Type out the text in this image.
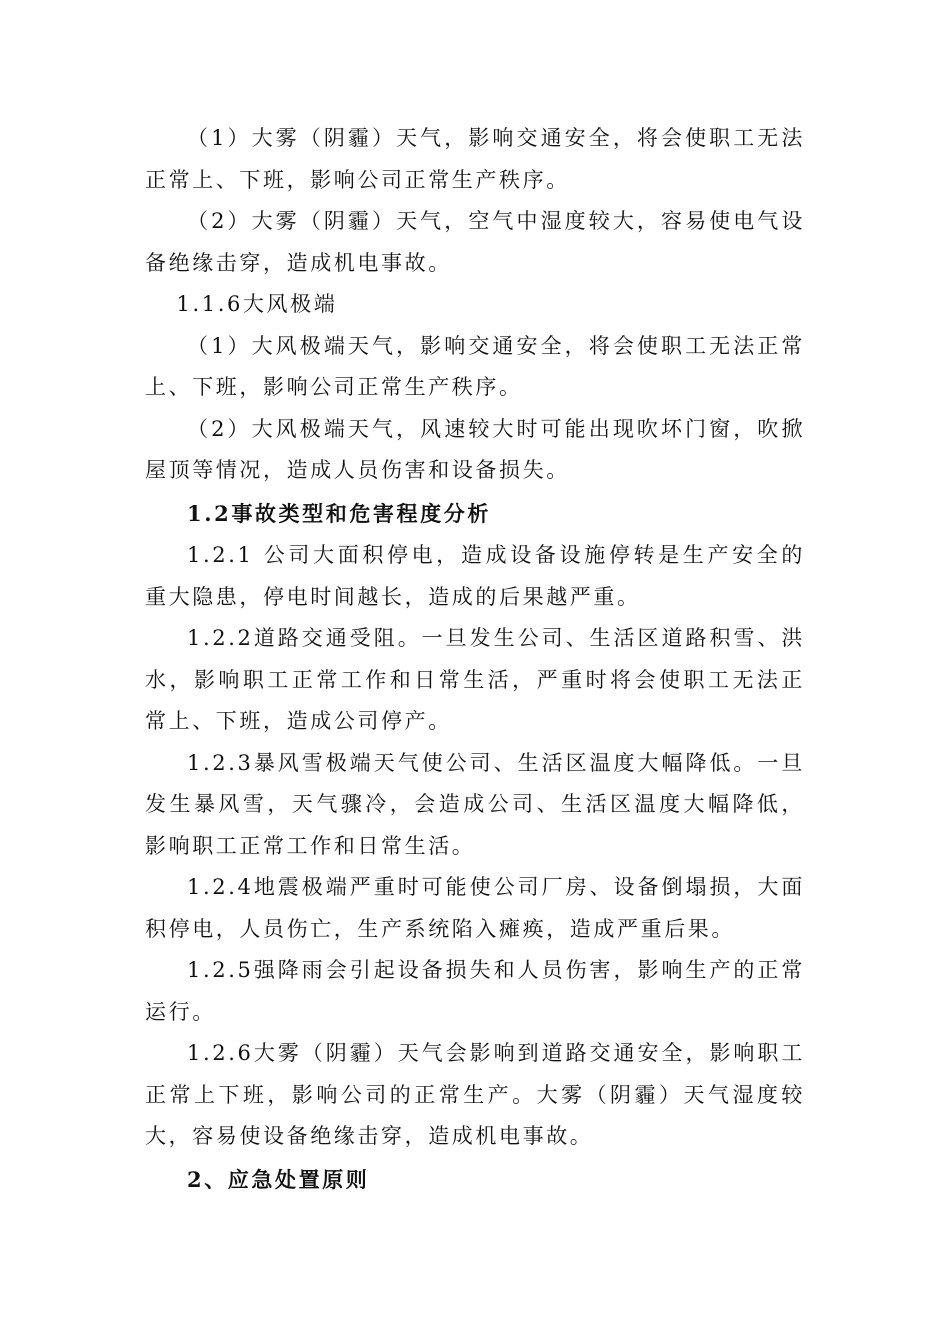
（1）大雾（阴霾）天气，影响交通安全，将会使职工无法正常上、下班，影响公司正常生产秩序。

（2）大雾（阴霾）天气，空气中湿度较大，容易使电气设备绝缘击穿，造成机电事故。

1.1.6大风极端

（1）大风极端天气，影响交通安全，将会使职工无法正常上、下班，影响公司正常生产秩序。

（2）大风极端天气，风速较大时可能出现吹坏门窗，吹掀屋顶等情况，造成人员伤害和设备损失。

1.2事故类型和危害程度分析

1.2.1 公司大面积停电，造成设备设施停转是生产安全的重大隐患，停电时间越长，造成的后果越严重。

1.2.2道路交通受阻。一旦发生公司、生活区道路积雪、洪水，影响职工正常工作和日常生活，严重时将会使职工无法正常上、下班，造成公司停产。

1.2.3暴风雪极端天气使公司、生活区温度大幅降低。一旦发生暴风雪，天气骤冷，会造成公司、生活区温度大幅降低，影响职工正常工作和日常生活。

1.2.4地震极端严重时可能使公司厂房、设备倒塌损，大面积停电，人员伤亡，生产系统陷入瘫痪，造成严重后果。

1.2.5强降雨会引起设备损失和人员伤害，影响生产的正常运行。

1.2.6大雾（阴霾）天气会影响到道路交通安全，影响职工正常上下班，影响公司的正常生产。大雾（阴霾）天气湿度较大，容易使设备绝缘击穿，造成机电事故。

2、应急处置原则
